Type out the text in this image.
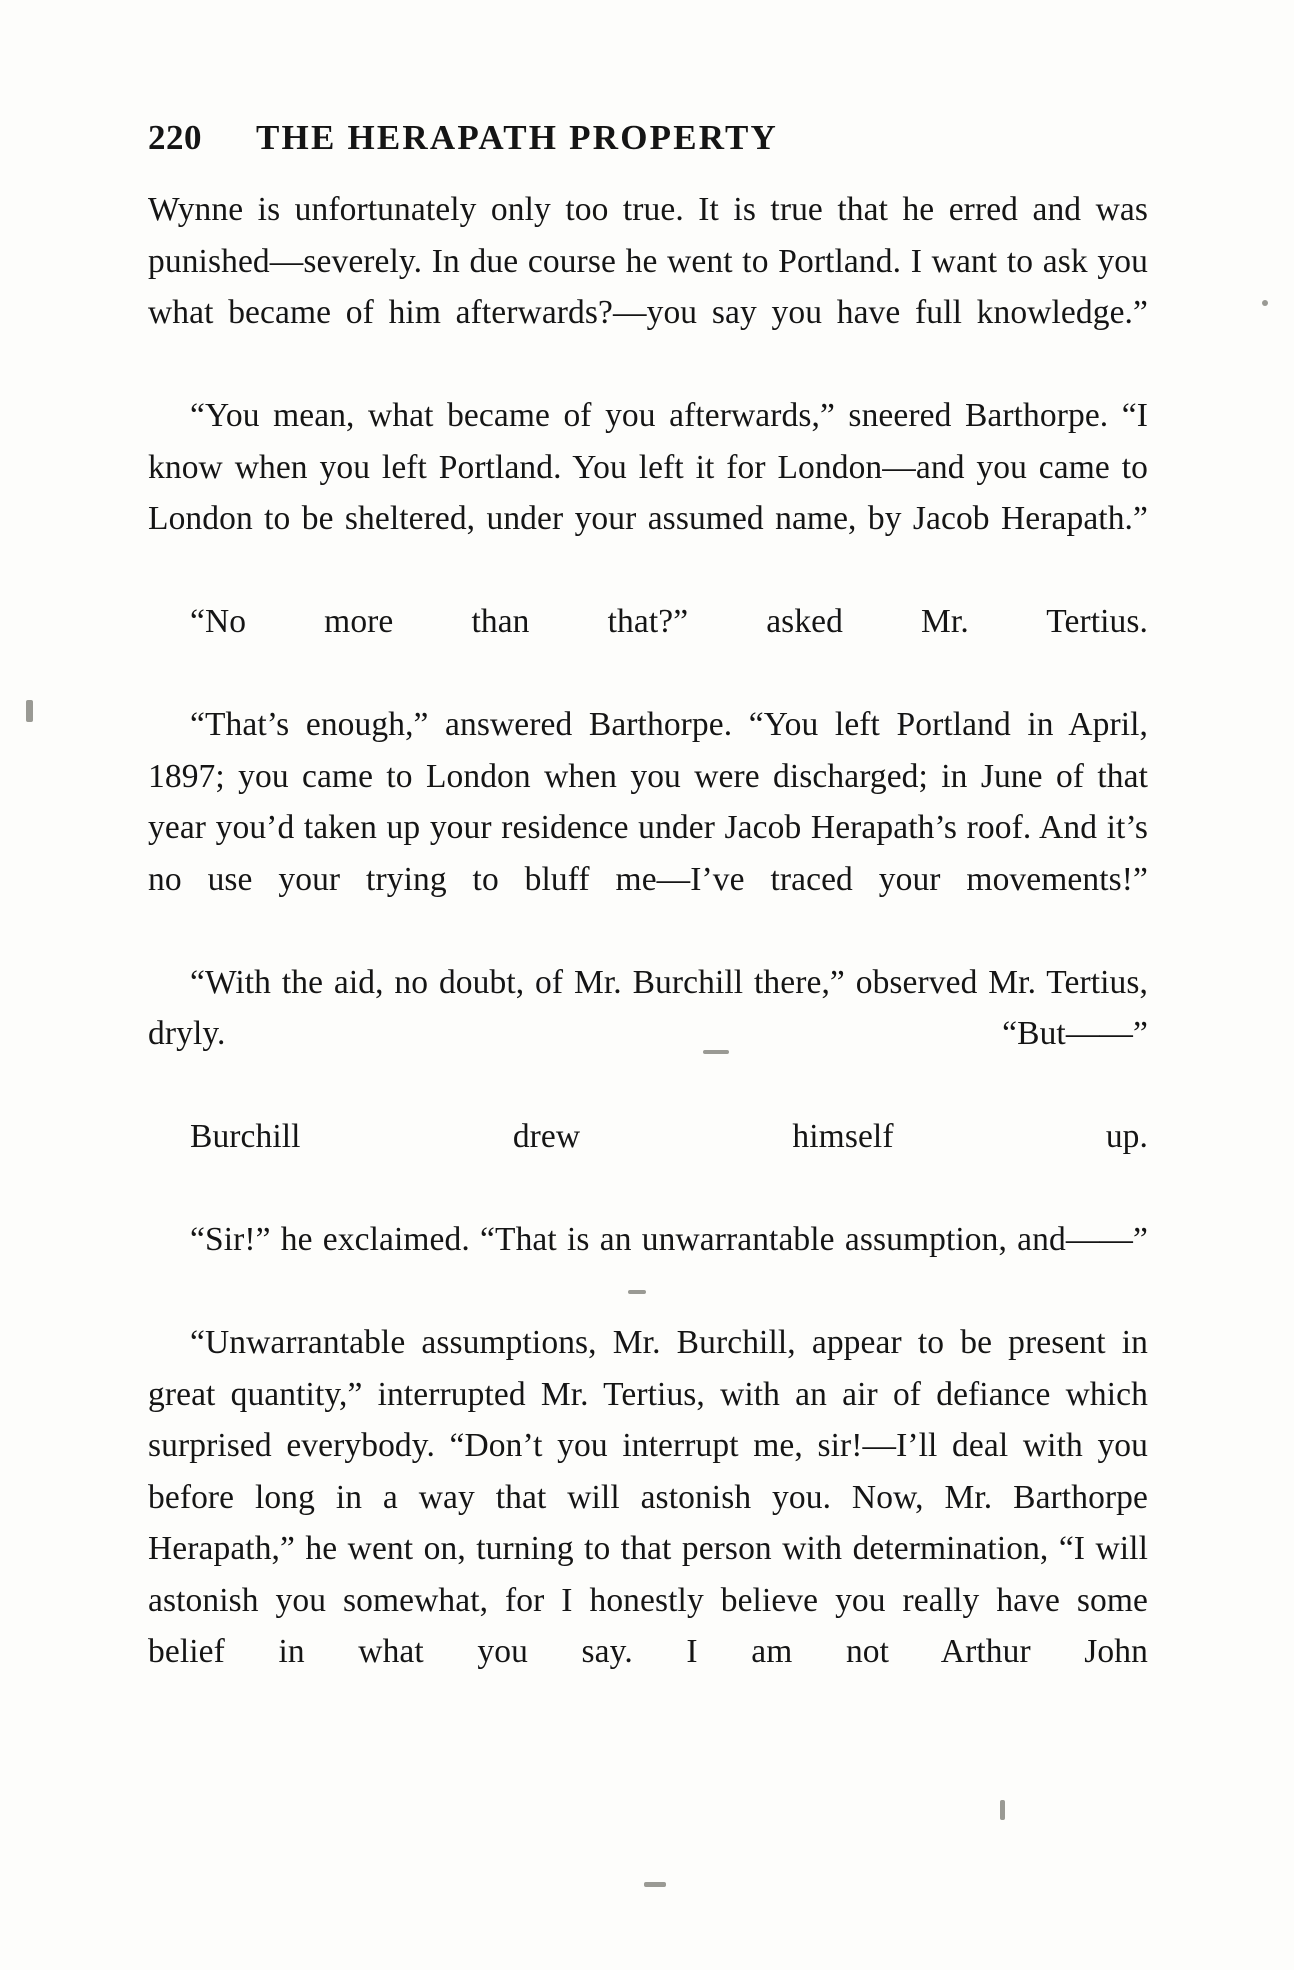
220	THE HERAPATH PROPERTY

Wynne is unfortunately only too true. It is true that he erred and was punished—severely. In due course he went to Portland. I want to ask you what became of him afterwards?—you say you have full knowledge.”

“You mean, what became of you afterwards,” sneered Barthorpe. “I know when you left Portland. You left it for London—and you came to London to be sheltered, under your assumed name, by Jacob Herapath.”

“No more than that?” asked Mr. Tertius.

“That’s enough,” answered Barthorpe. “You left Portland in April, 1897; you came to London when you were discharged; in June of that year you’d taken up your residence under Jacob Herapath’s roof. And it’s no use your trying to bluff me—I’ve traced your movements!”

“With the aid, no doubt, of Mr. Burchill there,” observed Mr. Tertius, dryly. “But——”

Burchill drew himself up.

“Sir!” he exclaimed. “That is an unwarrantable assumption, and——”

“Unwarrantable assumptions, Mr. Burchill, appear to be present in great quantity,” interrupted Mr. Tertius, with an air of defiance which surprised everybody. “Don’t you interrupt me, sir!—I’ll deal with you before long in a way that will astonish you. Now, Mr. Barthorpe Herapath,” he went on, turning to that person with determination, “I will astonish you somewhat, for I honestly believe you really have some belief in what you say. I am not Arthur John
